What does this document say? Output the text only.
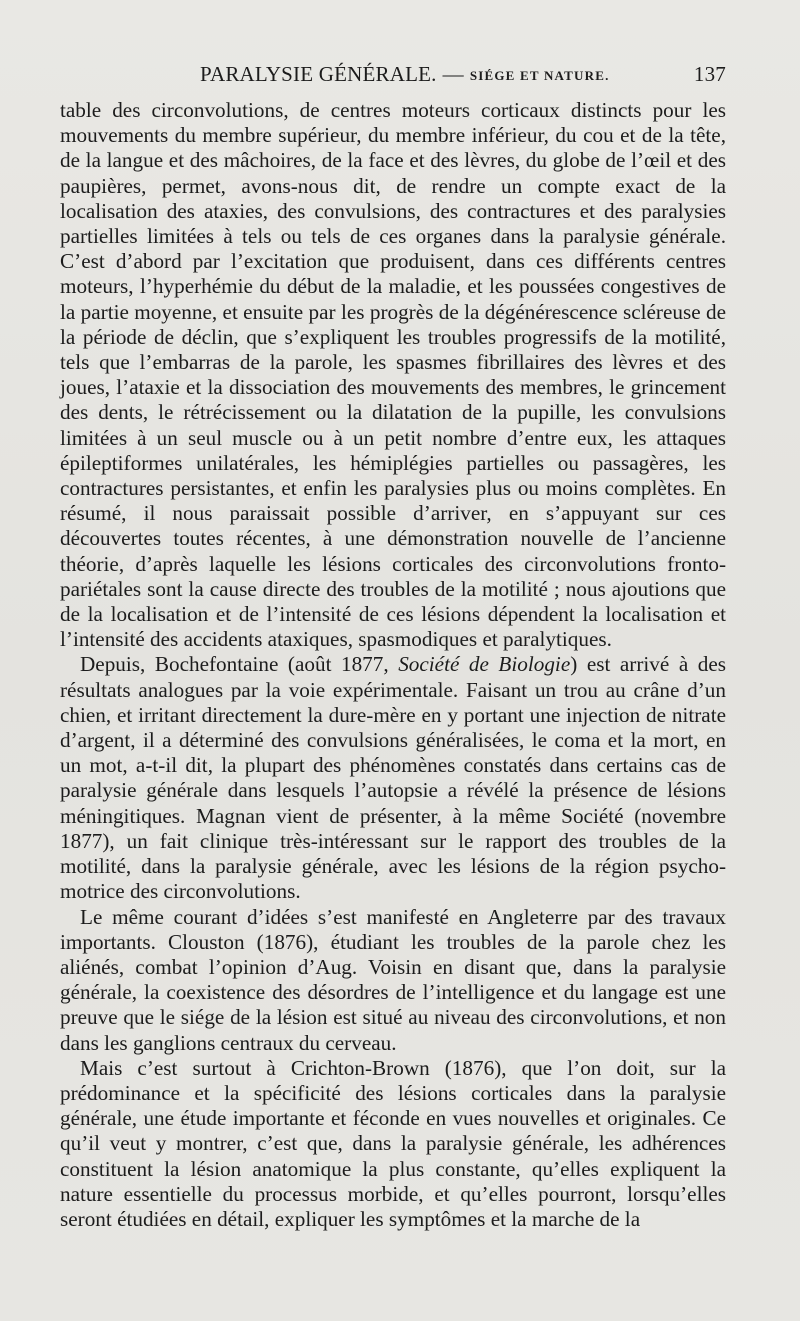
PARALYSIE GÉNÉRALE. — SIÉGE ET NATURE.	137

table des circonvolutions, de centres moteurs corticaux distincts pour les mouvements du membre supérieur, du membre inférieur, du cou et de la tête, de la langue et des mâchoires, de la face et des lèvres, du globe de l’œil et des paupières, permet, avons-nous dit, de rendre un compte exact de la localisation des ataxies, des convulsions, des contractures et des paralysies partielles limitées à tels ou tels de ces organes dans la paralysie générale. C’est d’abord par l’excitation que produisent, dans ces différents centres moteurs, l’hyperhémie du début de la maladie, et les poussées congestives de la partie moyenne, et ensuite par les progrès de la dégénérescence scléreuse de la période de déclin, que s’expliquent les troubles progressifs de la motilité, tels que l’embarras de la parole, les spasmes fibrillaires des lèvres et des joues, l’ataxie et la dissociation des mouvements des membres, le grincement des dents, le rétrécissement ou la dilatation de la pupille, les convulsions limitées à un seul muscle ou à un petit nombre d’entre eux, les attaques épileptiformes unilatérales, les hémiplégies partielles ou passagères, les contractures persistantes, et enfin les paralysies plus ou moins complètes. En résumé, il nous paraissait possible d’arriver, en s’appuyant sur ces découvertes toutes récentes, à une démonstration nouvelle de l’ancienne théorie, d’après laquelle les lésions corticales des circonvolutions fronto-pariétales sont la cause directe des troubles de la motilité ; nous ajoutions que de la localisation et de l’intensité de ces lésions dépendent la localisation et l’intensité des accidents ataxiques, spasmodiques et paralytiques.

Depuis, Bochefontaine (août 1877, Société de Biologie) est arrivé à des résultats analogues par la voie expérimentale. Faisant un trou au crâne d’un chien, et irritant directement la dure-mère en y portant une injection de nitrate d’argent, il a déterminé des convulsions généralisées, le coma et la mort, en un mot, a-t-il dit, la plupart des phénomènes constatés dans certains cas de paralysie générale dans lesquels l’autopsie a révélé la présence de lésions méningitiques. Magnan vient de présenter, à la même Société (novembre 1877), un fait clinique très-intéressant sur le rapport des troubles de la motilité, dans la paralysie générale, avec les lésions de la région psycho-motrice des circonvolutions.

Le même courant d’idées s’est manifesté en Angleterre par des travaux importants. Clouston (1876), étudiant les troubles de la parole chez les aliénés, combat l’opinion d’Aug. Voisin en disant que, dans la paralysie générale, la coexistence des désordres de l’intelligence et du langage est une preuve que le siége de la lésion est situé au niveau des circonvolutions, et non dans les ganglions centraux du cerveau.

Mais c’est surtout à Crichton-Brown (1876), que l’on doit, sur la prédominance et la spécificité des lésions corticales dans la paralysie générale, une étude importante et féconde en vues nouvelles et originales. Ce qu’il veut y montrer, c’est que, dans la paralysie générale, les adhérences constituent la lésion anatomique la plus constante, qu’elles expliquent la nature essentielle du processus morbide, et qu’elles pourront, lorsqu’elles seront étudiées en détail, expliquer les symptômes et la marche de la
